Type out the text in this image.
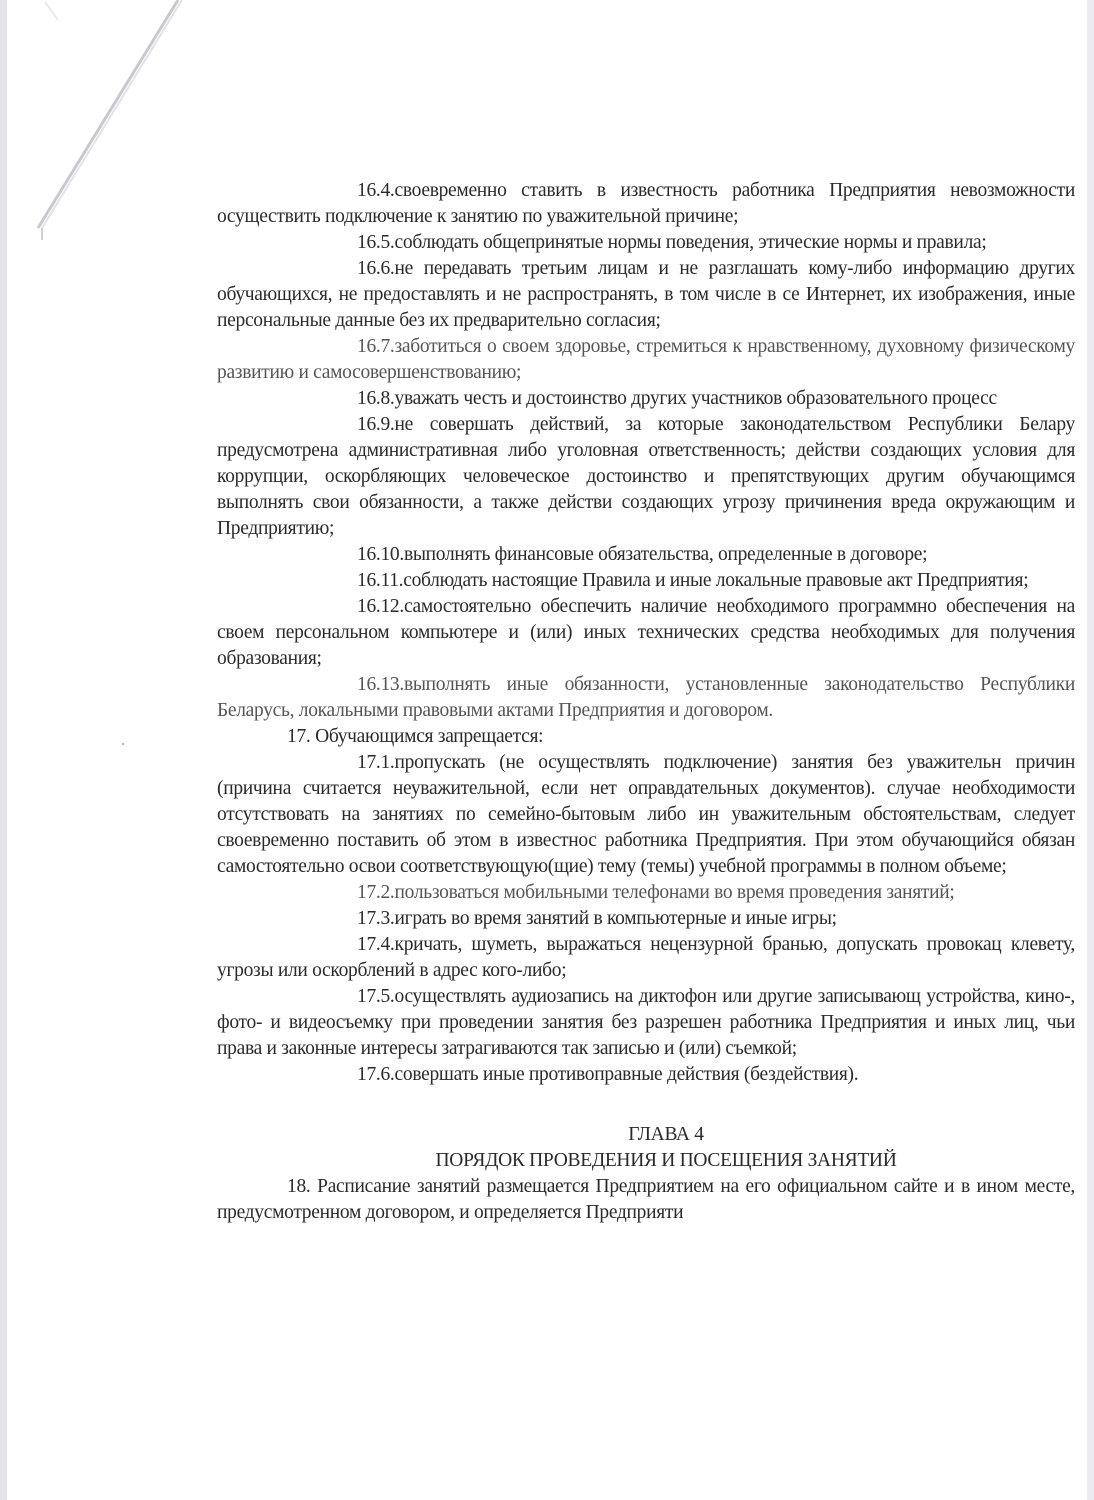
16.4.своевременно ставить в известность работника Предприятия невозможности осуществить подключение к занятию по уважительной причине;

16.5.соблюдать общепринятые нормы поведения, этические нормы и правила;

16.6.не передавать третьим лицам и не разглашать кому-либо информацию других обучающихся, не предоставлять и не распространять, в том числе в се Интернет, их изображения, иные персональные данные без их предварительно согласия;

16.7.заботиться о своем здоровье, стремиться к нравственному, духовному физическому развитию и самосовершенствованию;

16.8.уважать честь и достоинство других участников образовательного процесс

16.9.не совершать действий, за которые законодательством Республики Белару предусмотрена административная либо уголовная ответственность; действи создающих условия для коррупции, оскорбляющих человеческое достоинство и препятствующих другим обучающимся выполнять свои обязанности, а также действи создающих угрозу причинения вреда окружающим и Предприятию;

16.10.выполнять финансовые обязательства, определенные в договоре;

16.11.соблюдать настоящие Правила и иные локальные правовые акт Предприятия;

16.12.самостоятельно обеспечить наличие необходимого программно обеспечения на своем персональном компьютере и (или) иных технических средства необходимых для получения образования;

16.13.выполнять иные обязанности, установленные законодательство Республики Беларусь, локальными правовыми актами Предприятия и договором.

17. Обучающимся запрещается:

17.1.пропускать (не осуществлять подключение) занятия без уважительн причин (причина считается неуважительной, если нет оправдательных документов). случае необходимости отсутствовать на занятиях по семейно-бытовым либо ин уважительным обстоятельствам, следует своевременно поставить об этом в известнос работника Предприятия. При этом обучающийся обязан самостоятельно освои соответствующую(щие) тему (темы) учебной программы в полном объеме;

17.2.пользоваться мобильными телефонами во время проведения занятий;

17.3.играть во время занятий в компьютерные и иные игры;

17.4.кричать, шуметь, выражаться нецензурной бранью, допускать провокац клевету, угрозы или оскорблений в адрес кого-либо;

17.5.осуществлять аудиозапись на диктофон или другие записывающ устройства, кино-, фото- и видеосъемку при проведении занятия без разрешен работника Предприятия и иных лиц, чьи права и законные интересы затрагиваются так записью и (или) съемкой;

17.6.совершать иные противоправные действия (бездействия).

ГЛАВА 4

ПОРЯДОК ПРОВЕДЕНИЯ И ПОСЕЩЕНИЯ ЗАНЯТИЙ

18. Расписание занятий размещается Предприятием на его официальном сайте и в ином месте, предусмотренном договором, и определяется Предприяти
